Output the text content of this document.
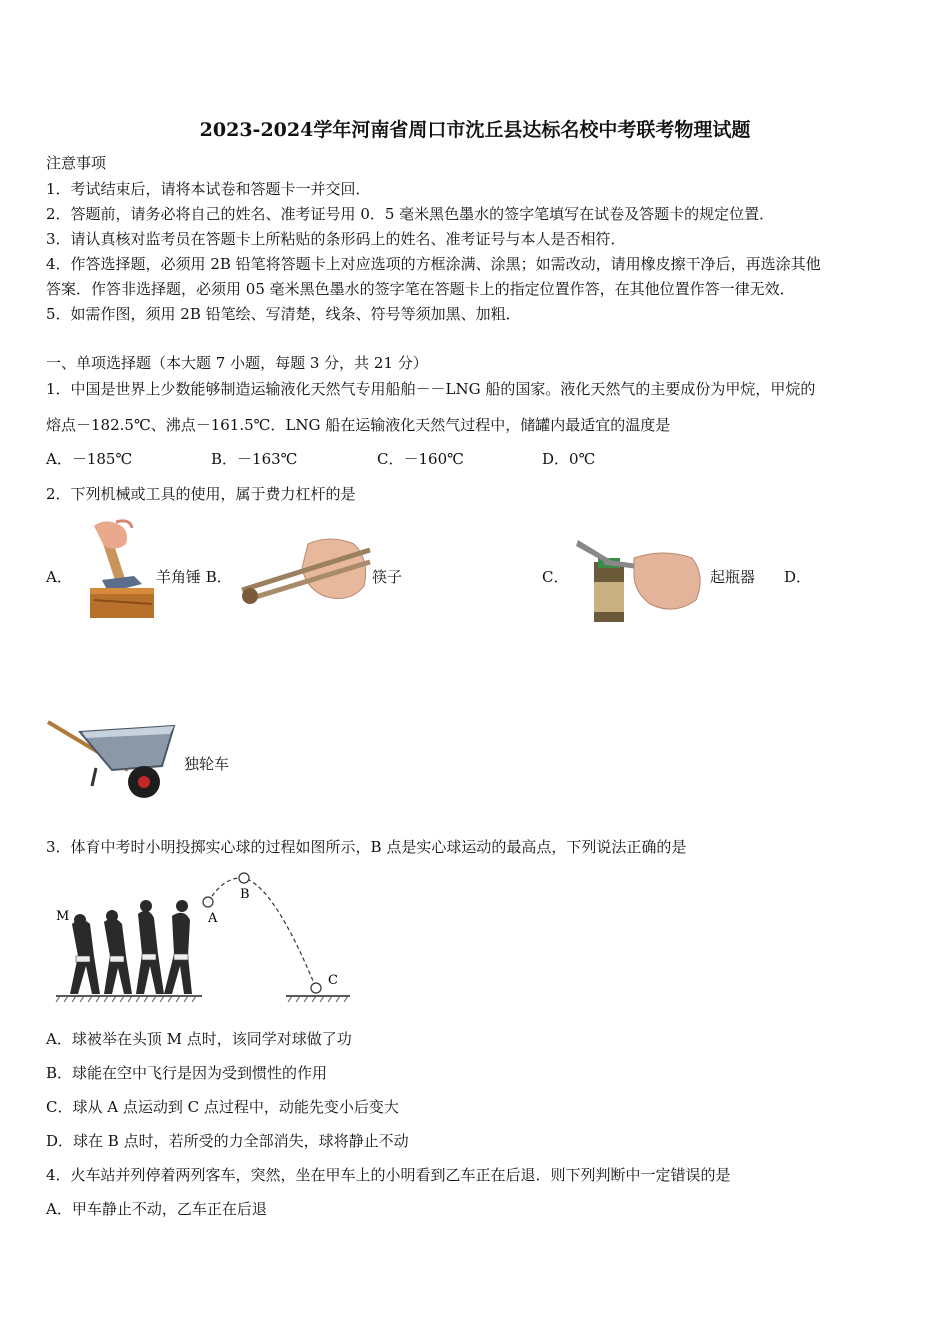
2023-2024学年河南省周口市沈丘县达标名校中考联考物理试题
注意事项
1．考试结束后，请将本试卷和答题卡一并交回．
2．答题前，请务必将自己的姓名、准考证号用 0．5 毫米黑色墨水的签字笔填写在试卷及答题卡的规定位置．
3．请认真核对监考员在答题卡上所粘贴的条形码上的姓名、准考证号与本人是否相符．
4．作答选择题，必须用 2B 铅笔将答题卡上对应选项的方框涂满、涂黑；如需改动，请用橡皮擦干净后，再选涂其他
答案．作答非选择题，必须用 05 毫米黑色墨水的签字笔在答题卡上的指定位置作答，在其他位置作答一律无效．
5．如需作图，须用 2B 铅笔绘、写清楚，线条、符号等须加黑、加粗．
一、单项选择题（本大题 7 小题，每题 3 分，共 21 分）
1．中国是世界上少数能够制造运输液化天然气专用船舶－－LNG 船的国家。液化天然气的主要成份为甲烷，甲烷的
熔点－182.5℃、沸点－161.5℃．LNG 船在运输液化天然气过程中，储罐内最适宜的温度是
A．－185℃	B．－163℃	C．－160℃	D．0℃
2．下列机械或工具的使用，属于费力杠杆的是
A．	羊角锤 B．	筷子	C．	起瓶器 D．
独轮车
3．体育中考时小明投掷实心球的过程如图所示，B 点是实心球运动的最高点，下列说法正确的是
M	A
B
C
A．球被举在头顶 M 点时，该同学对球做了功
B．球能在空中飞行是因为受到惯性的作用
C．球从 A 点运动到 C 点过程中，动能先变小后变大
D．球在 B 点时，若所受的力全部消失，球将静止不动
4．火车站并列停着两列客车，突然，坐在甲车上的小明看到乙车正在后退．则下列判断中一定错误的是
A．甲车静止不动，乙车正在后退
